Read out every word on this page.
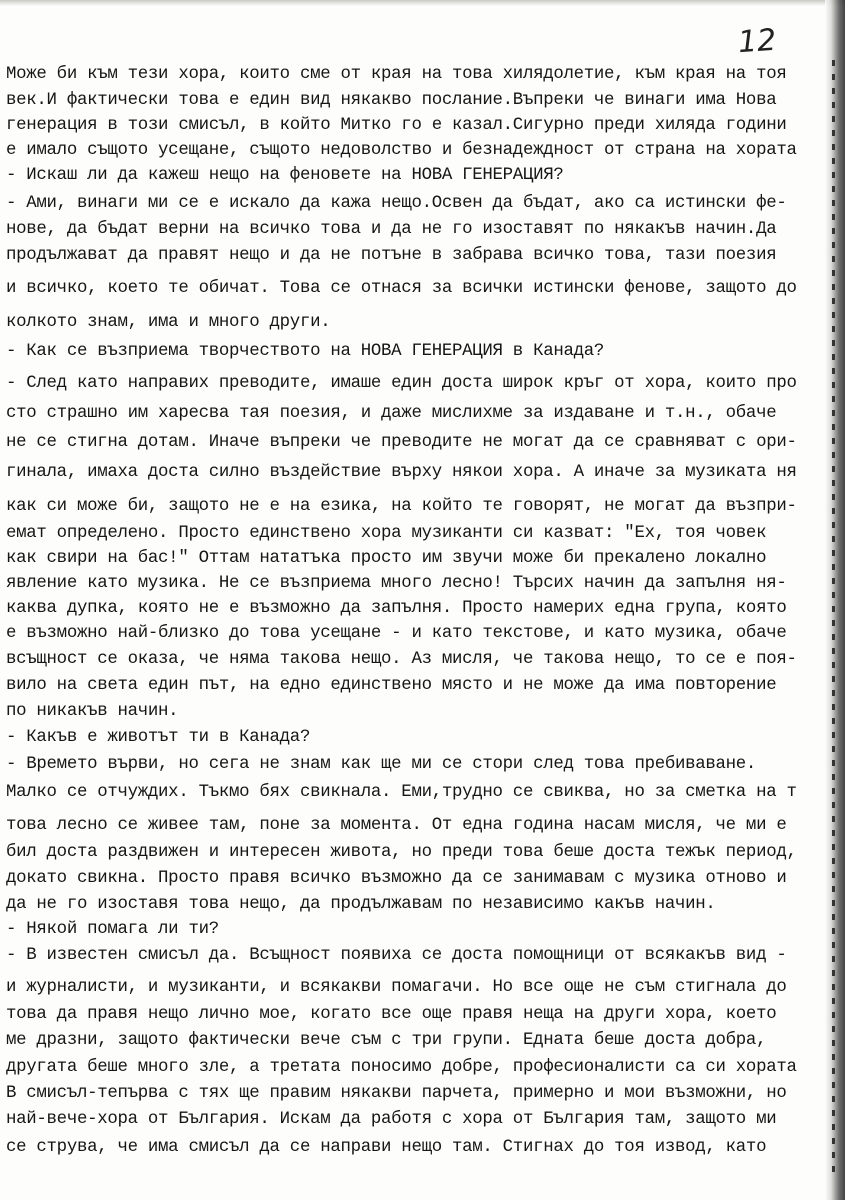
12
Може би към тези хора, които сме от края на това хилядолетие, към края на тоя
век.И фактически това е един вид някакво послание.Въпреки че винаги има Нова
генерация в този смисъл, в който Митко го е казал.Сигурно преди хиляда години
е имало същото усещане, същото недоволство и безнадеждност от страна на хората
- Искаш ли да кажеш нещо на феновете на НОВА ГЕНЕРАЦИЯ?
- Ами, винаги ми се е искало да кажа нещо.Освен да бъдат, ако са истински фе-
нове, да бъдат верни на всичко това и да не го изоставят по някакъв начин.Да
продължават да правят нещо и да не потъне в забрава всичко това, тази поезия
и всичко, което те обичат. Това се отнася за всички истински фенове, защото до
колкото знам, има и много други.
- Как се възприема творчеството на НОВА ГЕНЕРАЦИЯ в Канада?
- След като направих преводите, имаше един доста широк кръг от хора, които про
сто страшно им харесва тая поезия, и даже мислихме за издаване и т.н., обаче
не се стигна дотам. Иначе въпреки че преводите не могат да се сравняват с ори-
гинала, имаха доста силно въздействие върху някои хора. А иначе за музиката ня
как си може би, защото не е на езика, на който те говорят, не могат да възпри-
емат определено. Просто единствено хора музиканти си казват: "Ех, тоя човек
как свири на бас!" Оттам нататъка просто им звучи може би прекалено локално
явление като музика. Не се възприема много лесно! Търсих начин да запълня ня-
каква дупка, която не е възможно да запълня. Просто намерих една група, която
е възможно най-близко до това усещане - и като текстове, и като музика, обаче
всъщност се оказа, че няма такова нещо. Аз мисля, че такова нещо, то се е поя-
вило на света един път, на едно единствено място и не може да има повторение
по никакъв начин.
- Какъв е животът ти в Канада?
- Времето върви, но сега не знам как ще ми се стори след това пребиваване.
Малко се отчуждих. Тъкмо бях свикнала. Еми,трудно се свиква, но за сметка на т
това лесно се живее там, поне за момента. От една година насам мисля, че ми е
бил доста раздвижен и интересен живота, но преди това беше доста тежък период,
докато свикна. Просто правя всичко възможно да се занимавам с музика отново и
да не го изоставя това нещо, да продължавам по независимо какъв начин.
- Някой помага ли ти?
- В известен смисъл да. Всъщност появиха се доста помощници от всякакъв вид -
и журналисти, и музиканти, и всякакви помагачи. Но все още не съм стигнала до
това да правя нещо лично мое, когато все още правя неща на други хора, което
ме дразни, защото фактически вече съм с три групи. Едната беше доста добра,
другата беше много зле, а третата поносимо добре, професионалисти са си хората
В смисъл-тепърва с тях ще правим някакви парчета, примерно и мои възможни, но
най-вече-хора от България. Искам да работя с хора от България там, защото ми
се струва, че има смисъл да се направи нещо там. Стигнах до тоя извод, като
